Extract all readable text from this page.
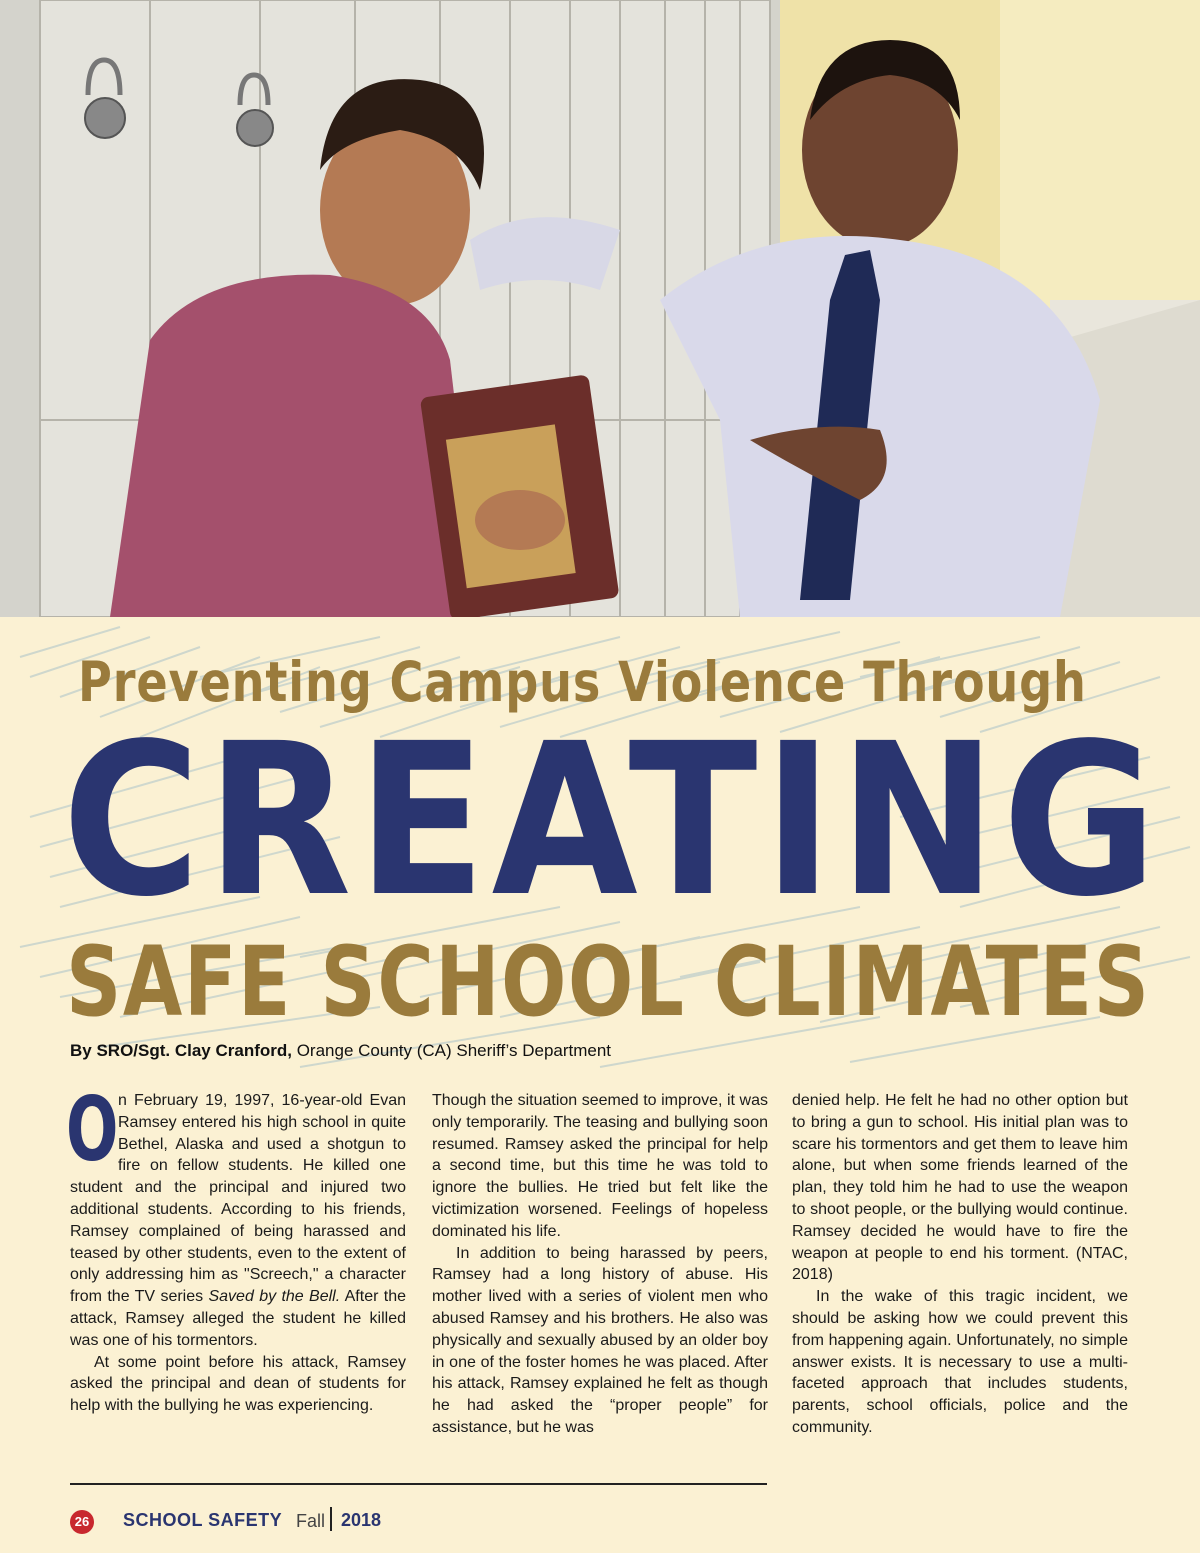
Preventing Campus Violence Through
CREATING
SAFE SCHOOL CLIMATES
By SRO/Sgt. Clay Cranford, Orange County (CA) Sheriff’s Department

On February 19, 1997, 16-year-old Evan Ramsey entered his high school in quite Bethel, Alaska and used a shotgun to fire on fellow students. He killed one student and the principal and injured two additional students. According to his friends, Ramsey complained of being harassed and teased by other students, even to the extent of only addressing him as "Screech," a character from the TV series Saved by the Bell. After the attack, Ramsey alleged the student he killed was one of his tormentors.

At some point before his attack, Ramsey asked the principal and dean of students for help with the bullying he was experiencing.

Though the situation seemed to improve, it was only temporarily. The teasing and bullying soon resumed. Ramsey asked the principal for help a second time, but this time he was told to ignore the bullies. He tried but felt like the victimization worsened. Feelings of hopeless dominated his life.

In addition to being harassed by peers, Ramsey had a long history of abuse. His mother lived with a series of violent men who abused Ramsey and his brothers. He also was physically and sexually abused by an older boy in one of the foster homes he was placed. After his attack, Ramsey explained he felt as though he had asked the “proper people” for assistance, but he was

denied help. He felt he had no other option but to bring a gun to school. His initial plan was to scare his tormentors and get them to leave him alone, but when some friends learned of the plan, they told him he had to use the weapon to shoot people, or the bullying would continue. Ramsey decided he would have to fire the weapon at people to end his torment. (NTAC, 2018)

In the wake of this tragic incident, we should be asking how we could prevent this from happening again. Unfortunately, no simple answer exists. It is necessary to use a multi-faceted approach that includes students, parents, school officials, police and the community.

26 SCHOOL SAFETY Fall 2018
